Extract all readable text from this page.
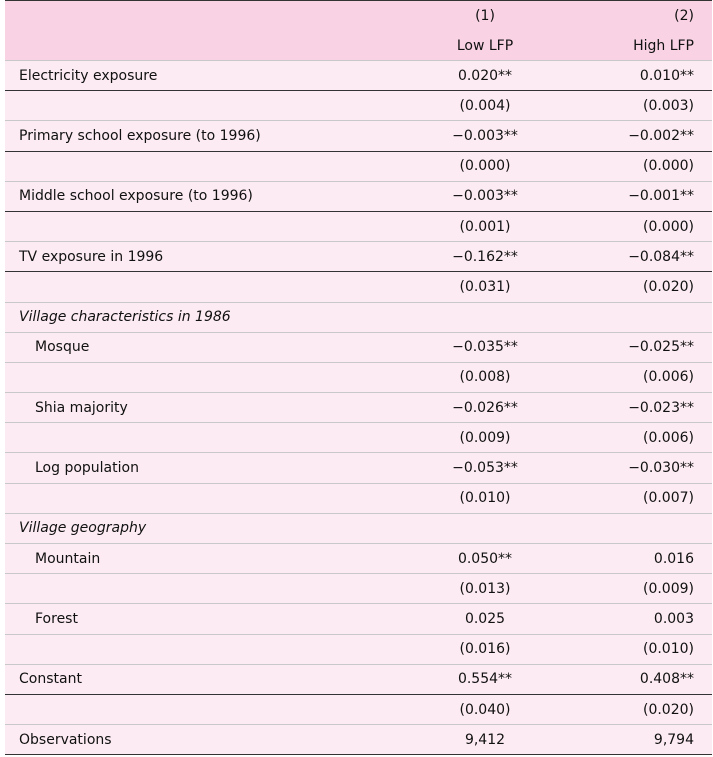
	(1)	(2)
	Low LFP	High LFP
Electricity exposure	0.020**	0.010**
	(0.004)	(0.003)
Primary school exposure (to 1996)	−0.003**	−0.002**
	(0.000)	(0.000)
Middle school exposure (to 1996)	−0.003**	−0.001**
	(0.001)	(0.000)
TV exposure in 1996	−0.162**	−0.084**
	(0.031)	(0.020)
Village characteristics in 1986		
Mosque	−0.035**	−0.025**
	(0.008)	(0.006)
Shia majority	−0.026**	−0.023**
	(0.009)	(0.006)
Log population	−0.053**	−0.030**
	(0.010)	(0.007)
Village geography		
Mountain	0.050**	0.016
	(0.013)	(0.009)
Forest	0.025	0.003
	(0.016)	(0.010)
Constant	0.554**	0.408**
	(0.040)	(0.020)
Observations	9,412	9,794
